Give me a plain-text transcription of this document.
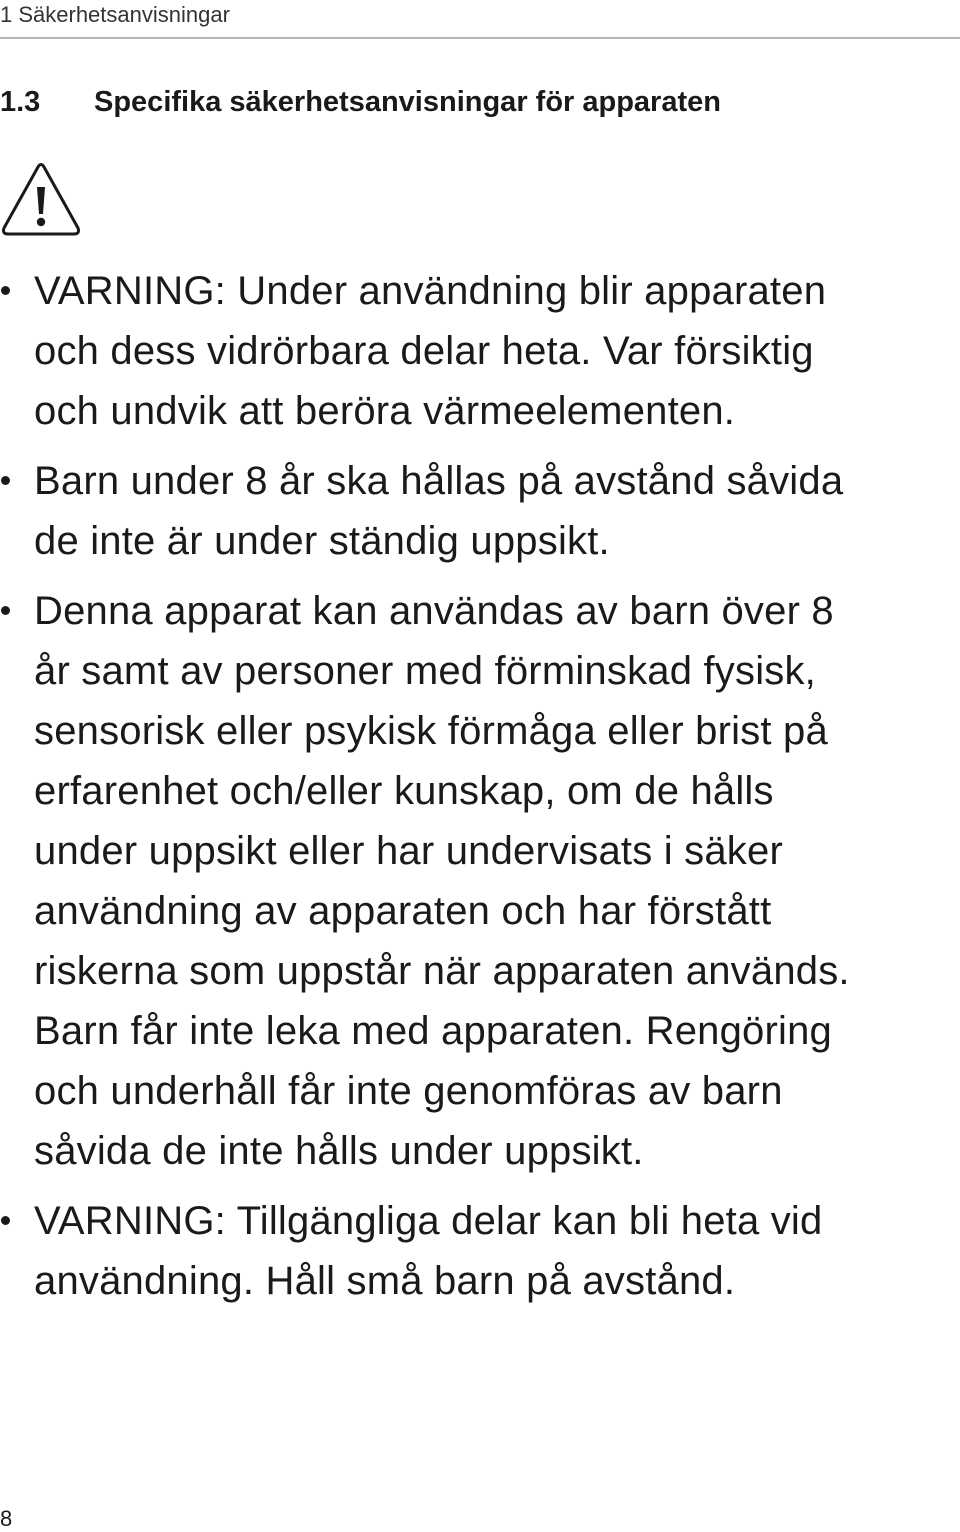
1 Säkerhetsanvisningar
1.3 Specifika säkerhetsanvisningar för apparaten
VARNING: Under användning blir apparaten
och dess vidrörbara delar heta. Var försiktig
och undvik att beröra värmeelementen.
Barn under 8 år ska hållas på avstånd såvida
de inte är under ständig uppsikt.
Denna apparat kan användas av barn över 8
år samt av personer med förminskad fysisk,
sensorisk eller psykisk förmåga eller brist på
erfarenhet och/eller kunskap, om de hålls
under uppsikt eller har undervisats i säker
användning av apparaten och har förstått
riskerna som uppstår när apparaten används.
Barn får inte leka med apparaten. Rengöring
och underhåll får inte genomföras av barn
såvida de inte hålls under uppsikt.
VARNING: Tillgängliga delar kan bli heta vid
användning. Håll små barn på avstånd.
8
